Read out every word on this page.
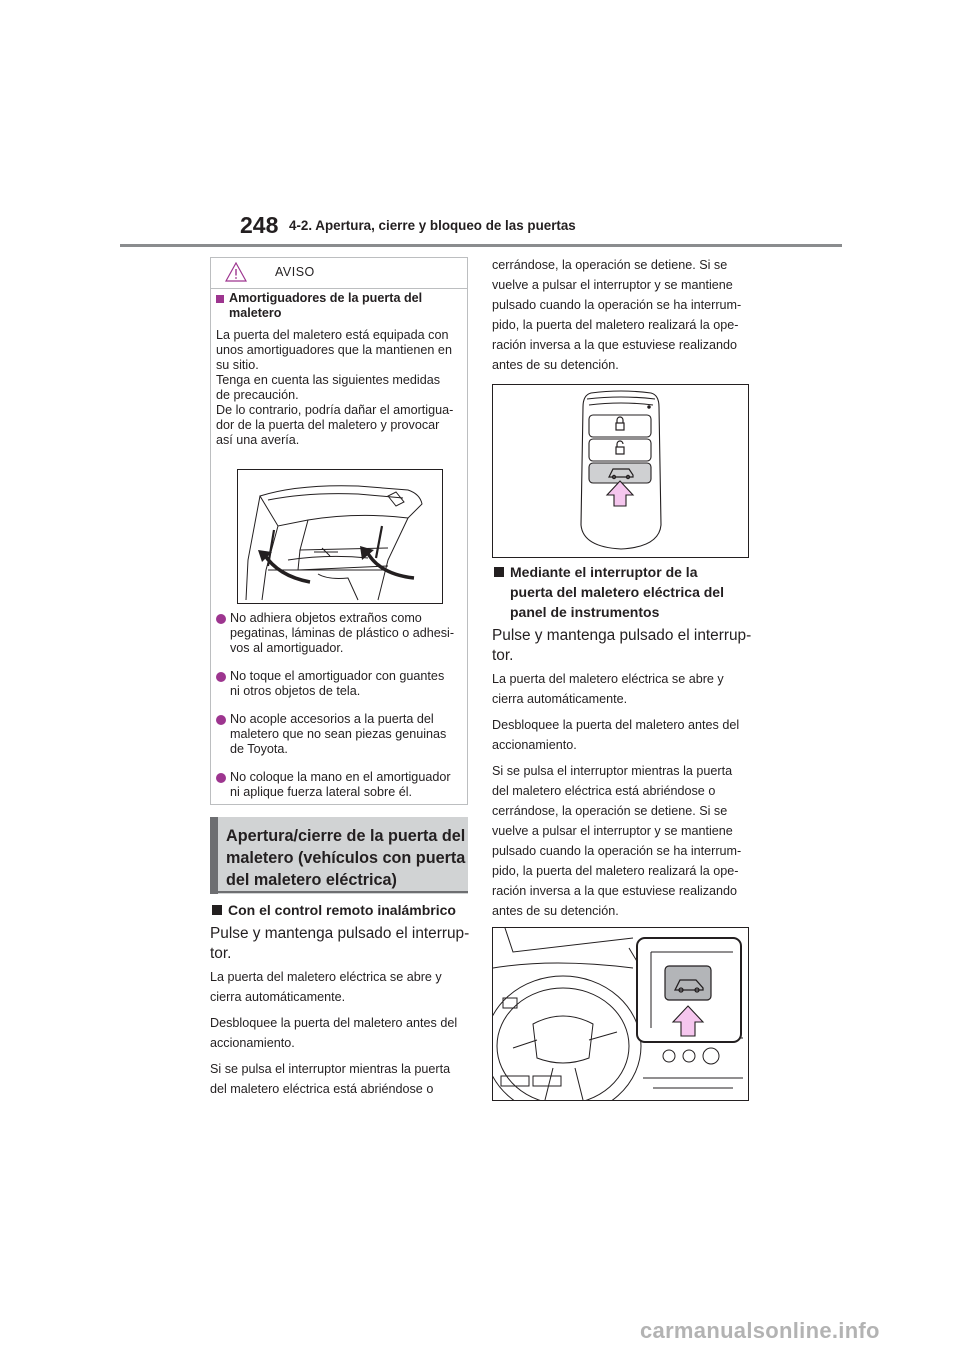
248 4-2. Apertura, cierre y bloqueo de las puertas
AVISO
Amortiguadores de la puerta del
maletero
La puerta del maletero está equipada con
unos amortiguadores que la mantienen en
su sitio.
Tenga en cuenta las siguientes medidas
de precaución.
De lo contrario, podría dañar el amortigua-
dor de la puerta del maletero y provocar
así una avería.
No adhiera objetos extraños como
pegatinas, láminas de plástico o adhesi-
vos al amortiguador.
No toque el amortiguador con guantes
ni otros objetos de tela.
No acople accesorios a la puerta del
maletero que no sean piezas genuinas
de Toyota.
No coloque la mano en el amortiguador
ni aplique fuerza lateral sobre él.
Apertura/cierre de la puerta del
maletero (vehículos con puerta
del maletero eléctrica)
Con el control remoto inalámbrico
Pulse y mantenga pulsado el interrup-
tor.
La puerta del maletero eléctrica se abre y
cierra automáticamente.
Desbloquee la puerta del maletero antes del
accionamiento.
Si se pulsa el interruptor mientras la puerta
del maletero eléctrica está abriéndose o
cerrándose, la operación se detiene. Si se
vuelve a pulsar el interruptor y se mantiene
pulsado cuando la operación se ha interrum-
pido, la puerta del maletero realizará la ope-
ración inversa a la que estuviese realizando
antes de su detención.
Mediante el interruptor de la
puerta del maletero eléctrica del
panel de instrumentos
Pulse y mantenga pulsado el interrup-
tor.
La puerta del maletero eléctrica se abre y
cierra automáticamente.
Desbloquee la puerta del maletero antes del
accionamiento.
Si se pulsa el interruptor mientras la puerta
del maletero eléctrica está abriéndose o
cerrándose, la operación se detiene. Si se
vuelve a pulsar el interruptor y se mantiene
pulsado cuando la operación se ha interrum-
pido, la puerta del maletero realizará la ope-
ración inversa a la que estuviese realizando
antes de su detención.
carmanualsonline.info
